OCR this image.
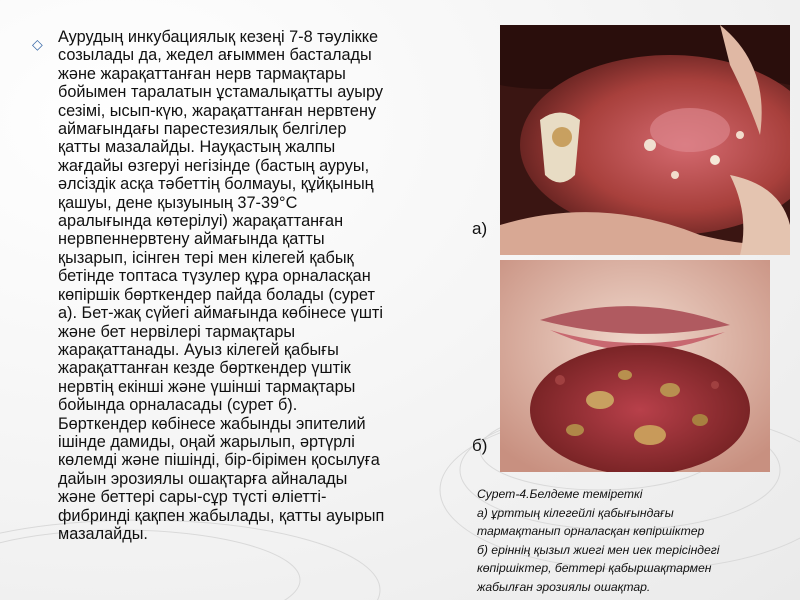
◇ Аурудың инкубациялық кезеңі 7-8 тәулікке
созылады да, жедел ағыммен басталады
және жарақаттанған нерв тармақтары
бойымен таралатын ұстамалықатты ауыру
сезімі, ысып-күю, жарақаттанған нервтену
аймағындағы парестезиялық белгілер
қатты мазалайды. Науқастың жалпы
жағдайы өзгеруі негізінде (бастың ауруы,
әлсіздік асқа тәбеттің болмауы, құйқының
қашуы, дене қызуының 37-39°С
аралығында көтерілуі) жарақаттанған
нервпеннервтену аймағында қатты
қызарып, ісінген тері мен кілегей қабық
бетінде топтаса түзулер құра орналасқан
көпіршік бөрткендер пайда болады (сурет
а). Бет-жақ сүйегі аймағында көбінесе үшті
және бет нервілері тармақтары
жарақаттанады. Ауыз кілегей қабығы
жарақаттанған кезде бөрткендер үштік
нервтің екінші және үшінші тармақтары
бойында орналасады (сурет б).
Бөрткендер көбінесе жабынды эпителий
ішінде дамиды, оңай жарылып, әртүрлі
көлемді және пішінді, бір-бірімен қосылуға
дайын эрозиялы ошақтарға айналады
және беттері сары-сұр түсті өліетті-
фибринді қақпен жабылады, қатты ауырып
мазалайды.

а)
б)
Сурет-4.Белдеме теміреткі
а) ұрттың кілегейлі қабығындағы
тармақтанып орналасқан көпіршіктер
б) еріннің қызыл жиегі мен иек терісіндегі
көпіршіктер, беттері қабыршақтармен
жабылған эрозиялы ошақтар.
